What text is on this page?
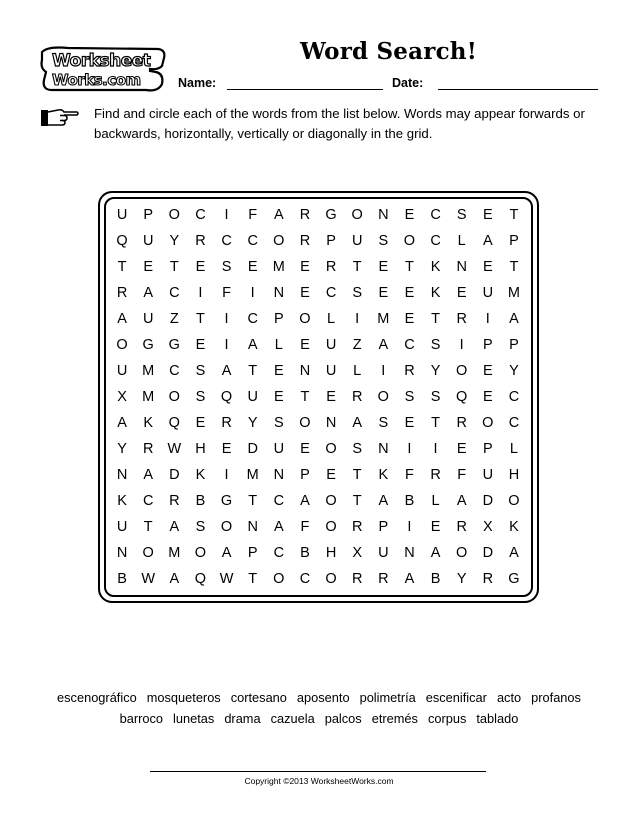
Worksheet
Works.com
Word Search!
Name:	Date:
Find and circle each of the words from the list below. Words may appear forwards or backwards, horizontally, vertically or diagonally in the grid.
U	P	O	C	I	F	A	R	G	O	N	E	C	S	E	T
Q	U	Y	R	C	C	O	R	P	U	S	O	C	L	A	P
T	E	T	E	S	E	M	E	R	T	E	T	K	N	E	T
R	A	C	I	F	I	N	E	C	S	E	E	K	E	U	M
A	U	Z	T	I	C	P	O	L	I	M	E	T	R	I	A
O	G	G	E	I	A	L	E	U	Z	A	C	S	I	P	P
U	M	C	S	A	T	E	N	U	L	I	R	Y	O	E	Y
X	M O	S	Q	U	E	T	E	R	O	S	S	Q	E	C
A	K	Q	E	R	Y	S	O	N	A	S	E	T	R	O	C
Y	R W H	E	D	U	E	O	S	N	I	I	E	P	L
N	A	D	K	I	M	N	P	E	T	K	F	R	F	U	H
K	C	R	B	G	T	C	A	O	T	A	B	L	A	D	O
U	T	A	S	O	N	A	F	O	R	P	I	E	R	X	K
N	O M O	A	P	C	B	H	X	U	N	A	O	D	A
B W A	Q W	T	O	C	O	R	R	A	B	Y	R	G
escenográfico mosqueteros cortesano aposento polimetría escenificar acto profanos
barroco lunetas drama cazuela palcos etremés corpus tablado
Copyright ©2013 WorksheetWorks.com
